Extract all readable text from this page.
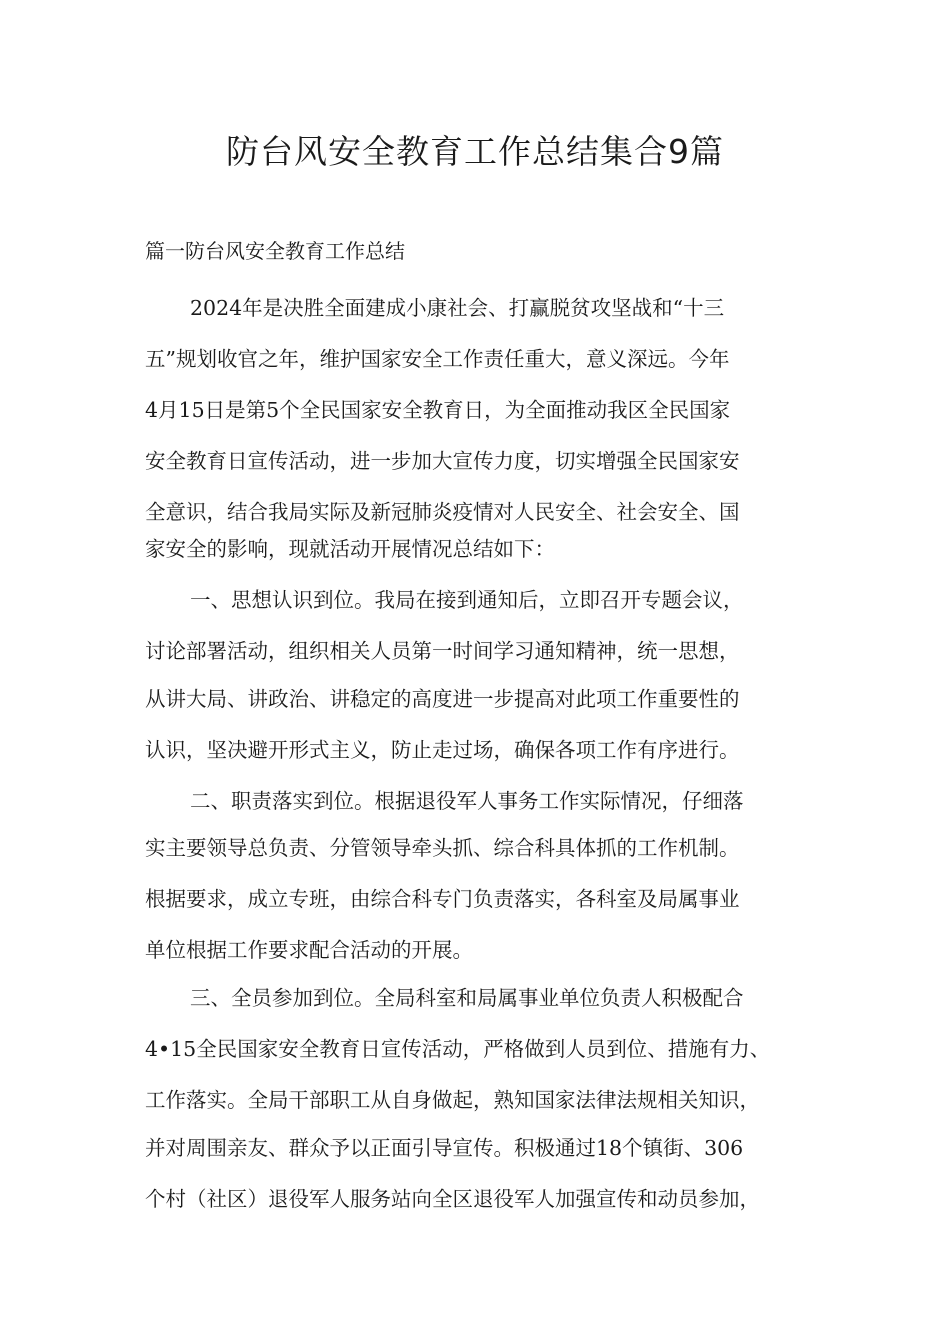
防台风安全教育工作总结集合9篇
篇一防台风安全教育工作总结
2024年是决胜全面建成小康社会、打赢脱贫攻坚战和“十三
五”规划收官之年，维护国家安全工作责任重大，意义深远。今年
4月15日是第5个全民国家安全教育日，为全面推动我区全民国家
安全教育日宣传活动，进一步加大宣传力度，切实增强全民国家安
全意识，结合我局实际及新冠肺炎疫情对人民安全、社会安全、国
家安全的影响，现就活动开展情况总结如下：
一、思想认识到位。我局在接到通知后，立即召开专题会议，
讨论部署活动，组织相关人员第一时间学习通知精神，统一思想，
从讲大局、讲政治、讲稳定的高度进一步提高对此项工作重要性的
认识，坚决避开形式主义，防止走过场，确保各项工作有序进行。
二、职责落实到位。根据退役军人事务工作实际情况，仔细落
实主要领导总负责、分管领导牵头抓、综合科具体抓的工作机制。
根据要求，成立专班，由综合科专门负责落实，各科室及局属事业
单位根据工作要求配合活动的开展。
三、全员参加到位。全局科室和局属事业单位负责人积极配合
4•15全民国家安全教育日宣传活动，严格做到人员到位、措施有力、
工作落实。全局干部职工从自身做起，熟知国家法律法规相关知识，
并对周围亲友、群众予以正面引导宣传。积极通过18个镇街、306
个村（社区）退役军人服务站向全区退役军人加强宣传和动员参加，
